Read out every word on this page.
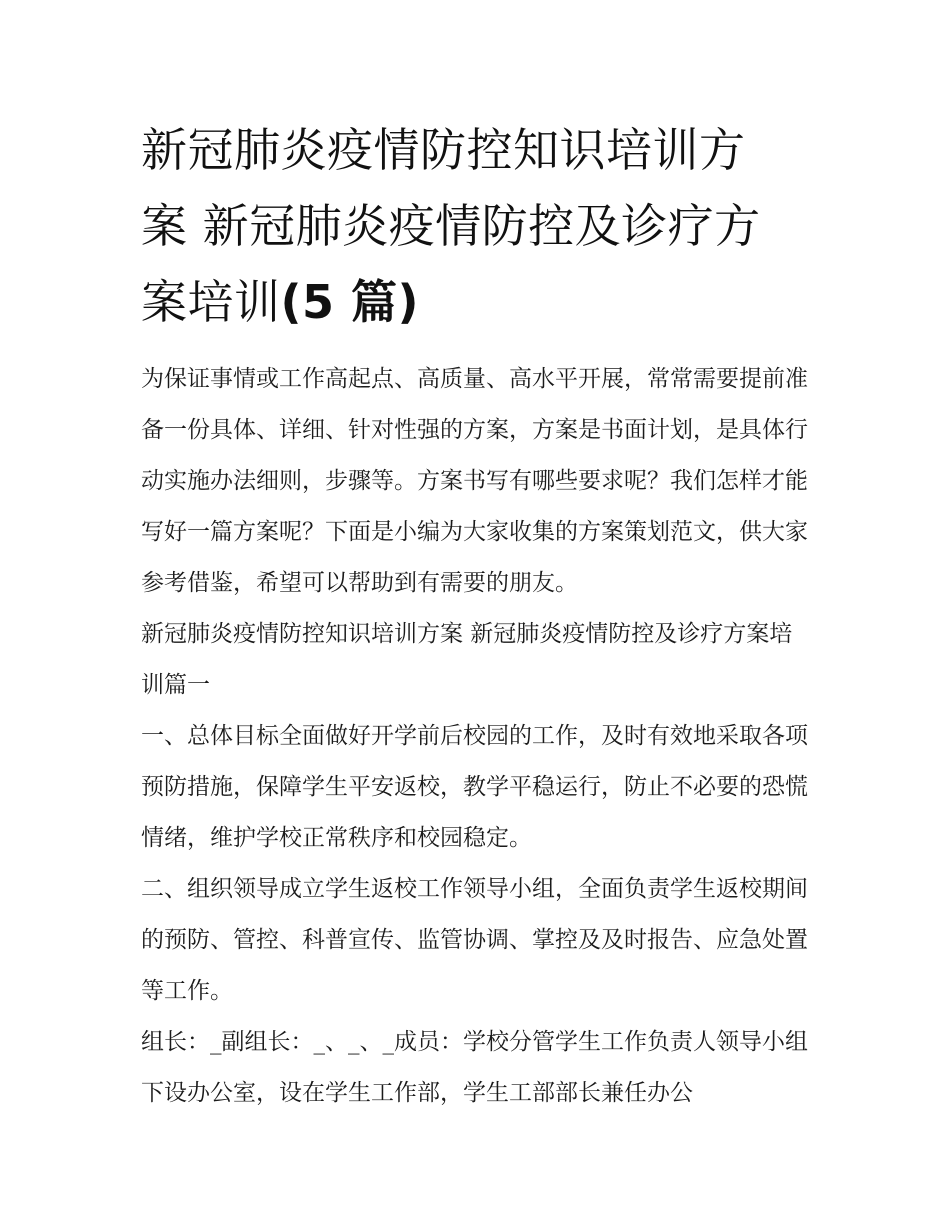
新冠肺炎疫情防控知识培训方
案 新冠肺炎疫情防控及诊疗方
案培训(5 篇)

为保证事情或工作高起点、高质量、高水平开展，常常需要提前准备一份具体、详细、针对性强的方案，方案是书面计划，是具体行动实施办法细则，步骤等。方案书写有哪些要求呢？我们怎样才能写好一篇方案呢？下面是小编为大家收集的方案策划范文，供大家参考借鉴，希望可以帮助到有需要的朋友。

新冠肺炎疫情防控知识培训方案 新冠肺炎疫情防控及诊疗方案培训篇一

一、总体目标全面做好开学前后校园的工作，及时有效地采取各项预防措施，保障学生平安返校，教学平稳运行，防止不必要的恐慌情绪，维护学校正常秩序和校园稳定。

二、组织领导成立学生返校工作领导小组，全面负责学生返校期间的预防、管控、科普宣传、监管协调、掌控及及时报告、应急处置等工作。

组长：_副组长：_、_、_成员：学校分管学生工作负责人领导小组下设办公室，设在学生工作部，学生工部部长兼任办公
